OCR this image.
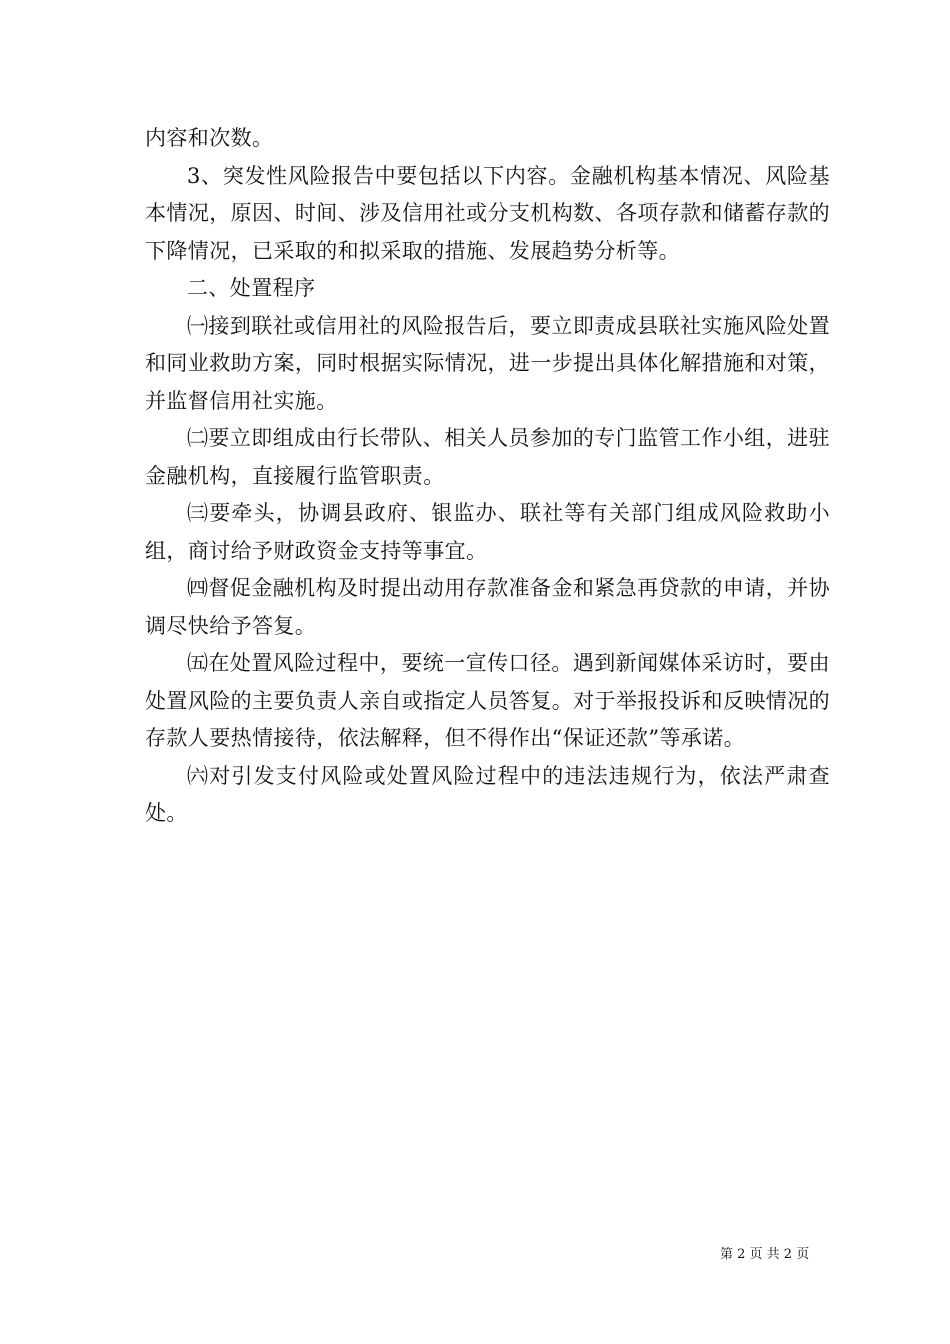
内容和次数。

3、突发性风险报告中要包括以下内容。金融机构基本情况、风险基本情况，原因、时间、涉及信用社或分支机构数、各项存款和储蓄存款的下降情况，已采取的和拟采取的措施、发展趋势分析等。

二、处置程序

㈠接到联社或信用社的风险报告后，要立即责成县联社实施风险处置和同业救助方案，同时根据实际情况，进一步提出具体化解措施和对策，并监督信用社实施。

㈡要立即组成由行长带队、相关人员参加的专门监管工作小组，进驻金融机构，直接履行监管职责。

㈢要牵头，协调县政府、银监办、联社等有关部门组成风险救助小组，商讨给予财政资金支持等事宜。

㈣督促金融机构及时提出动用存款准备金和紧急再贷款的申请，并协调尽快给予答复。

㈤在处置风险过程中，要统一宣传口径。遇到新闻媒体采访时，要由处置风险的主要负责人亲自或指定人员答复。对于举报投诉和反映情况的存款人要热情接待，依法解释，但不得作出“保证还款”等承诺。

㈥对引发支付风险或处置风险过程中的违法违规行为，依法严肃查处。

第 2 页 共 2 页
